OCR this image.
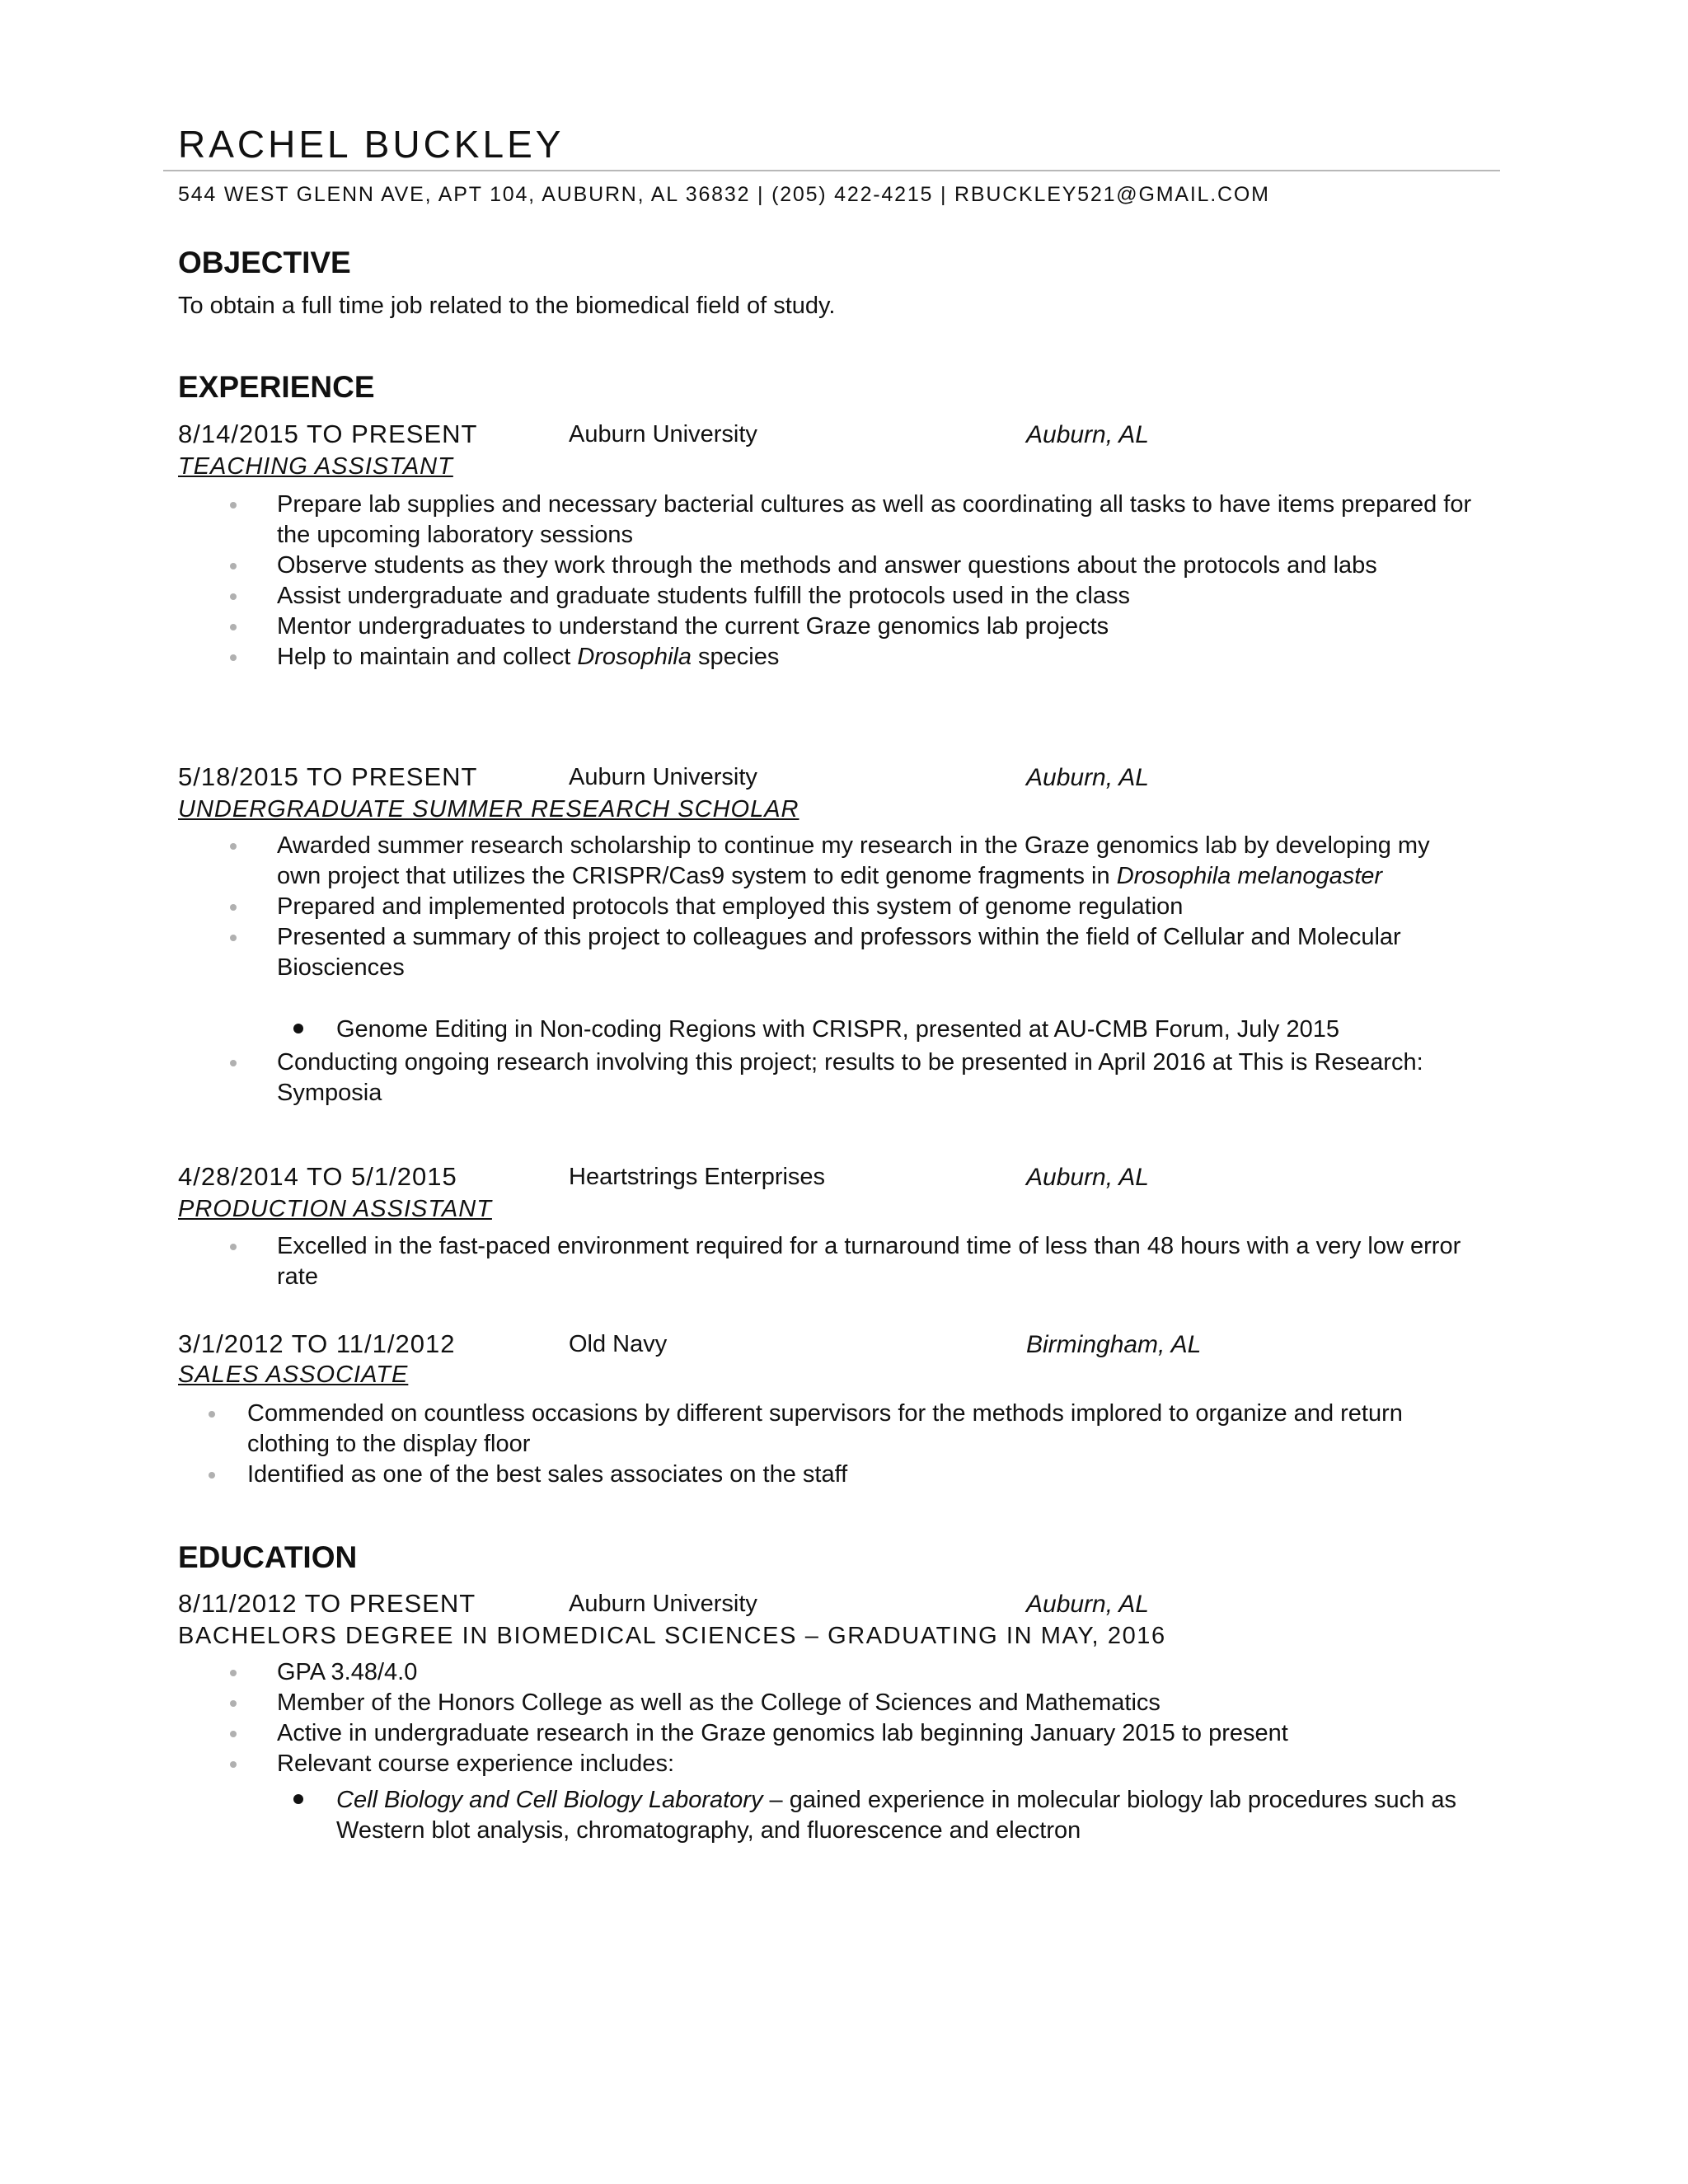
RACHEL BUCKLEY
544 WEST GLENN AVE, APT 104, AUBURN, AL 36832 | (205) 422-4215 | RBUCKLEY521@GMAIL.COM
OBJECTIVE
To obtain a full time job related to the biomedical field of study.
EXPERIENCE
8/14/2015 TO PRESENT	Auburn University	Auburn, AL
TEACHING ASSISTANT
Prepare lab supplies and necessary bacterial cultures as well as coordinating all tasks to have items prepared for the upcoming laboratory sessions
Observe students as they work through the methods and answer questions about the protocols and labs
Assist undergraduate and graduate students fulfill the protocols used in the class
Mentor undergraduates to understand the current Graze genomics lab projects
Help to maintain and collect Drosophila species
5/18/2015 TO PRESENT	Auburn University	Auburn, AL
UNDERGRADUATE SUMMER RESEARCH SCHOLAR
Awarded summer research scholarship to continue my research in the Graze genomics lab by developing my own project that utilizes the CRISPR/Cas9 system to edit genome fragments in Drosophila melanogaster
Prepared and implemented protocols that employed this system of genome regulation
Presented a summary of this project to colleagues and professors within the field of Cellular and Molecular Biosciences
Genome Editing in Non-coding Regions with CRISPR, presented at AU-CMB Forum, July 2015
Conducting ongoing research involving this project; results to be presented in April 2016 at This is Research: Symposia
4/28/2014 TO 5/1/2015	Heartstrings Enterprises	Auburn, AL
PRODUCTION ASSISTANT
Excelled in the fast-paced environment required for a turnaround time of less than 48 hours with a very low error rate
3/1/2012 TO 11/1/2012	Old Navy	Birmingham, AL
SALES ASSOCIATE
Commended on countless occasions by different supervisors for the methods implored to organize and return clothing to the display floor
Identified as one of the best sales associates on the staff
EDUCATION
8/11/2012 TO PRESENT	Auburn University	Auburn, AL
BACHELORS DEGREE IN BIOMEDICAL SCIENCES – GRADUATING IN MAY, 2016
GPA 3.48/4.0
Member of the Honors College as well as the College of Sciences and Mathematics
Active in undergraduate research in the Graze genomics lab beginning January 2015 to present
Relevant course experience includes:
Cell Biology and Cell Biology Laboratory – gained experience in molecular biology lab procedures such as Western blot analysis, chromatography, and fluorescence and electron
